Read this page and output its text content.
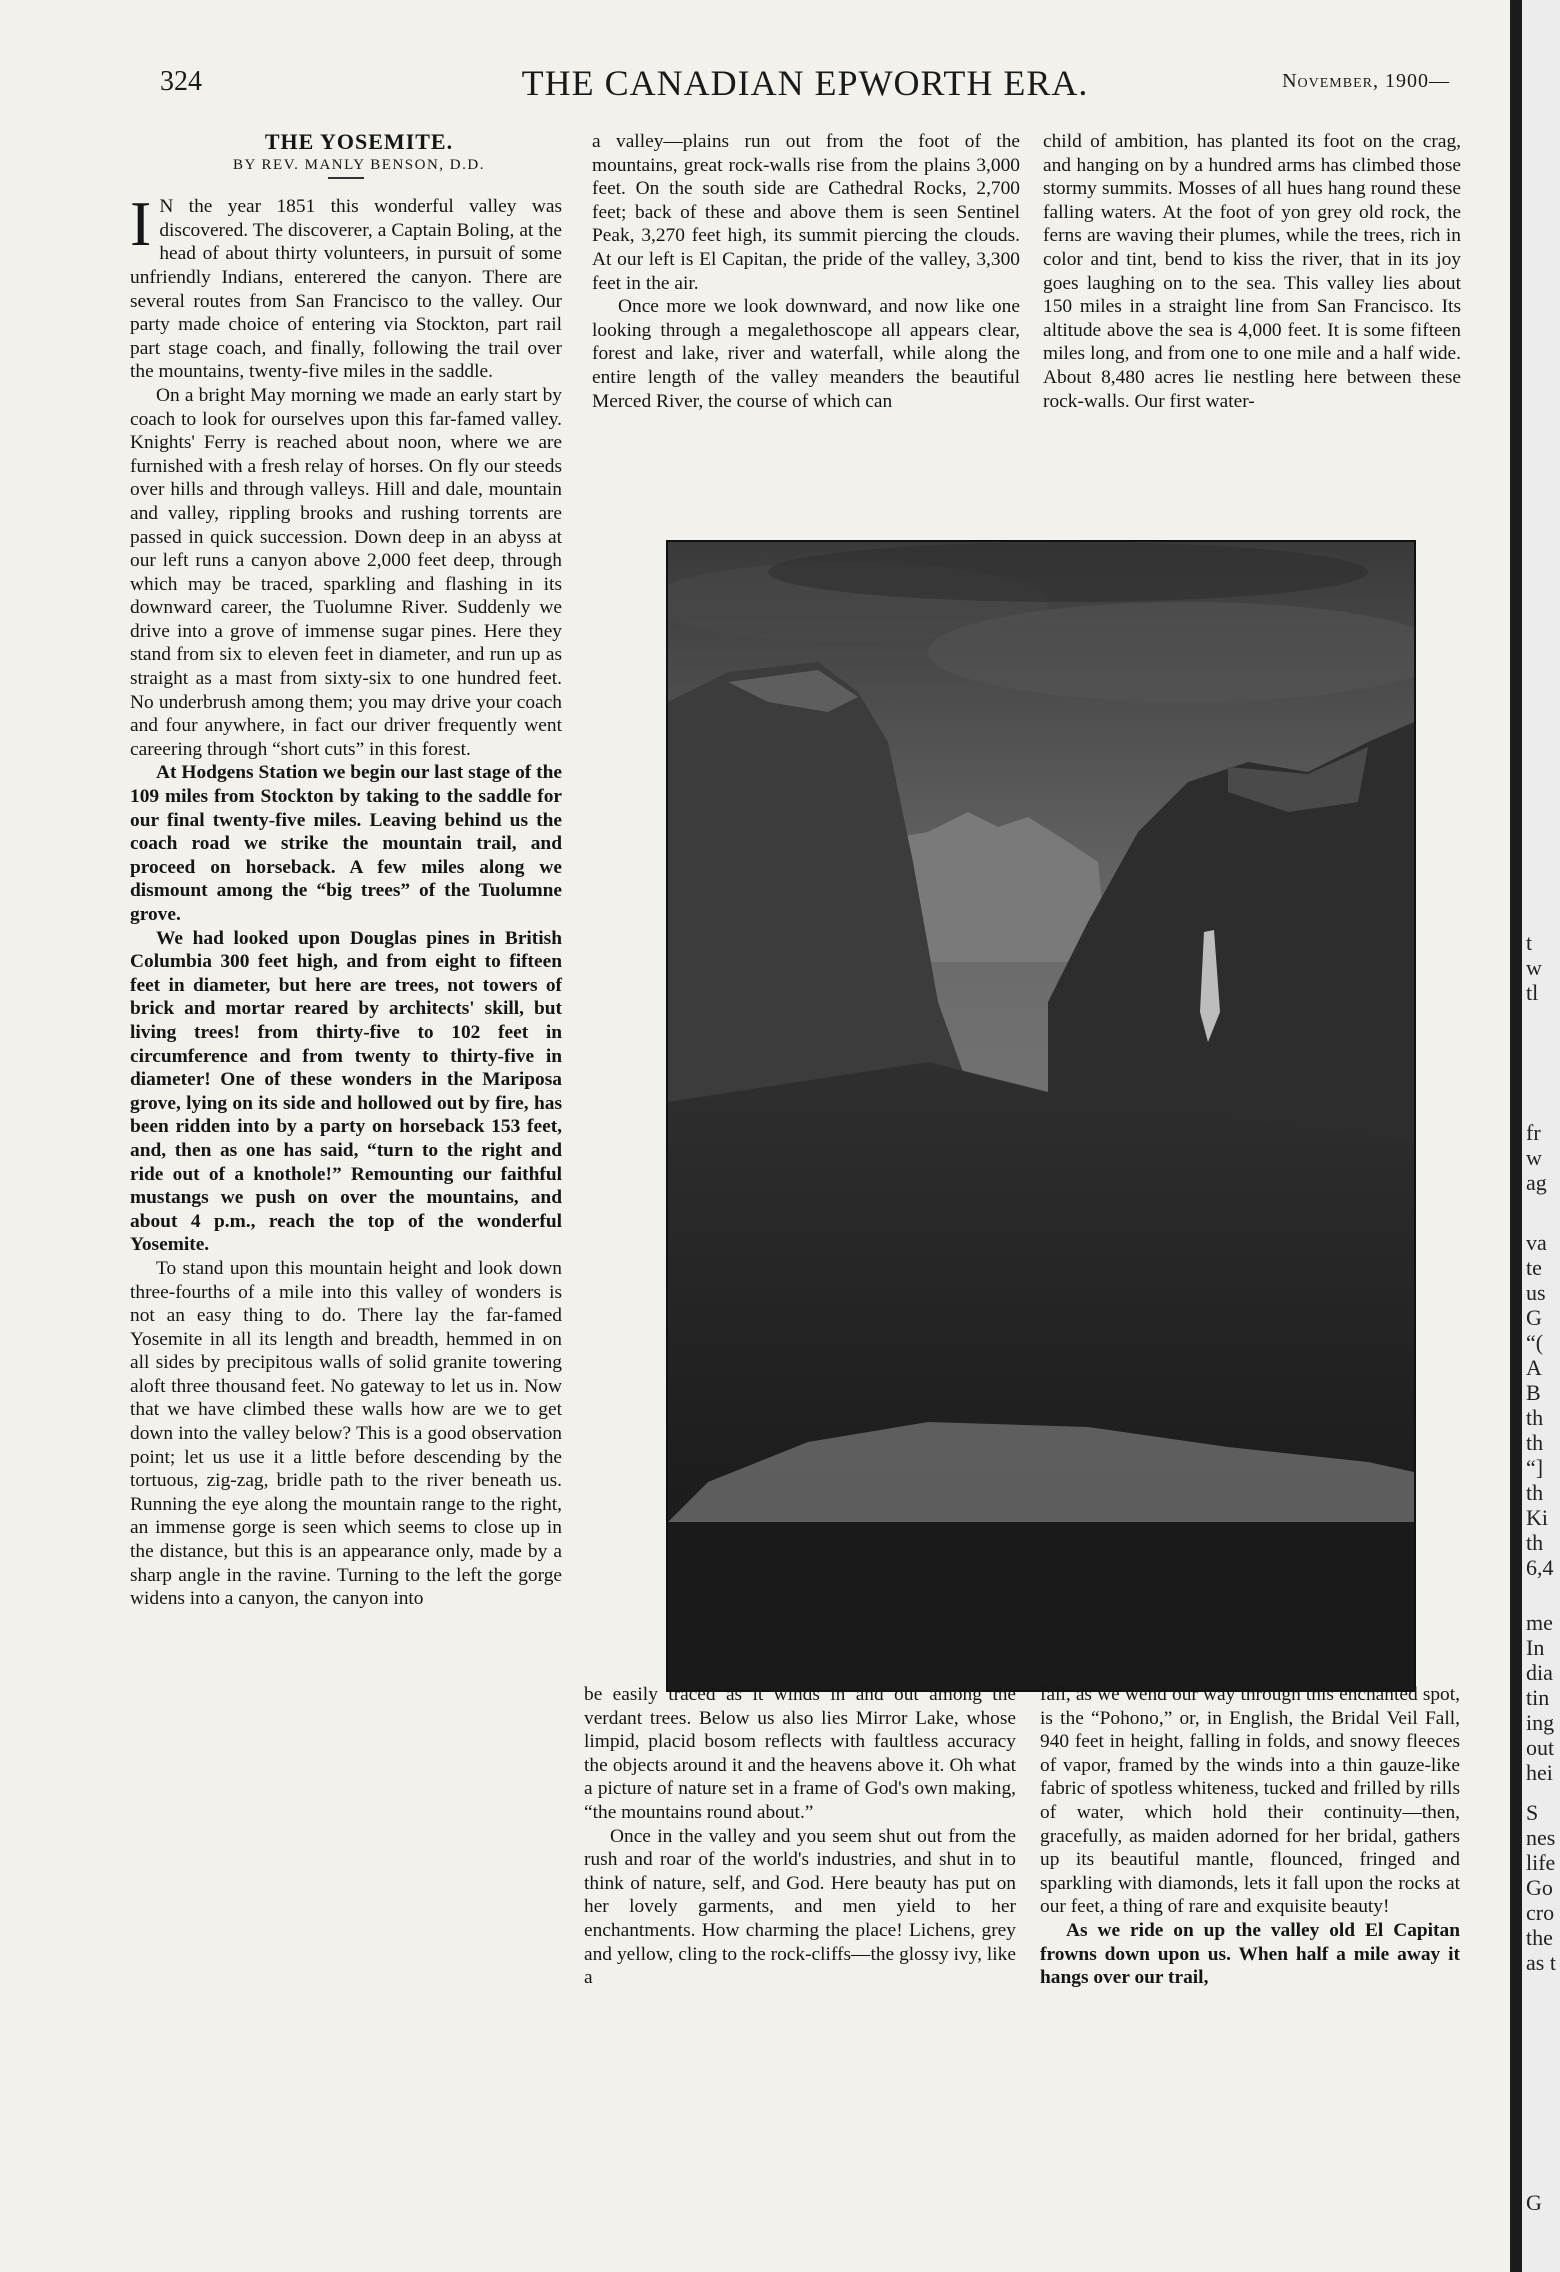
324	THE CANADIAN EPWORTH ERA.	November, 1900—

THE YOSEMITE.

BY REV. MANLY BENSON, D.D.

I N the year 1851 this wonderful valley was discovered. The discoverer, a Captain Boling, at the head of about thirty volunteers, in pursuit of some unfriendly Indians, enterered the canyon. There are several routes from San Francisco to the valley. Our party made choice of entering via Stockton, part rail part stage coach, and finally, following the trail over the mountains, twenty-five miles in the saddle.

On a bright May morning we made an early start by coach to look for ourselves upon this far-famed valley. Knights' Ferry is reached about noon, where we are furnished with a fresh relay of horses. On fly our steeds over hills and through valleys. Hill and dale, mountain and valley, rippling brooks and rushing torrents are passed in quick succession. Down deep in an abyss at our left runs a canyon above 2,000 feet deep, through which may be traced, sparkling and flashing in its downward career, the Tuolumne River. Suddenly we drive into a grove of immense sugar pines. Here they stand from six to eleven feet in diameter, and run up as straight as a mast from sixty-six to one hundred feet. No underbrush among them; you may drive your coach and four anywhere, in fact our driver frequently went careering through “short cuts” in this forest.

At Hodgens Station we begin our last stage of the 109 miles from Stockton by taking to the saddle for our final twenty-five miles. Leaving behind us the coach road we strike the mountain trail, and proceed on horseback. A few miles along we dismount among the “big trees” of the Tuolumne grove.

We had looked upon Douglas pines in British Columbia 300 feet high, and from eight to fifteen feet in diameter, but here are trees, not towers of brick and mortar reared by architects' skill, but living trees! from thirty-five to 102 feet in circumference and from twenty to thirty-five in diameter! One of these wonders in the Mariposa grove, lying on its side and hollowed out by fire, has been ridden into by a party on horseback 153 feet, and, then as one has said, “turn to the right and ride out of a knothole!” Remounting our faithful mustangs we push on over the mountains, and about 4 p.m., reach the top of the wonderful Yosemite.

To stand upon this mountain height and look down three-fourths of a mile into this valley of wonders is not an easy thing to do. There lay the far-famed Yosemite in all its length and breadth, hemmed in on all sides by precipitous walls of solid granite towering aloft three thousand feet. No gateway to let us in. Now that we have climbed these walls how are we to get down into the valley below? This is a good observation point; let us use it a little before descending by the tortuous, zig-zag, bridle path to the river beneath us. Running the eye along the mountain range to the right, an immense gorge is seen which seems to close up in the distance, but this is an appearance only, made by a sharp angle in the ravine. Turning to the left the gorge widens into a canyon, the canyon into

a valley—plains run out from the foot of the mountains, great rock-walls rise from the plains 3,000 feet. On the south side are Cathedral Rocks, 2,700 feet; back of these and above them is seen Sentinel Peak, 3,270 feet high, its summit piercing the clouds. At our left is El Capitan, the pride of the valley, 3,300 feet in the air.

Once more we look downward, and now like one looking through a megalethoscope all appears clear, forest and lake, river and waterfall, while along the entire length of the valley meanders the beautiful Merced River, the course of which can

child of ambition, has planted its foot on the crag, and hanging on by a hundred arms has climbed those stormy summits. Mosses of all hues hang round these falling waters. At the foot of yon grey old rock, the ferns are waving their plumes, while the trees, rich in color and tint, bend to kiss the river, that in its joy goes laughing on to the sea. This valley lies about 150 miles in a straight line from San Francisco. Its altitude above the sea is 4,000 feet. It is some fifteen miles long, and from one to one mile and a half wide. About 8,480 acres lie nestling here between these rock-walls. Our first water-

THE YOSEMITE VALLEY.

be easily traced as it winds in and out among the verdant trees. Below us also lies Mirror Lake, whose limpid, placid bosom reflects with faultless accuracy the objects around it and the heavens above it. Oh what a picture of nature set in a frame of God's own making, “the mountains round about.”

Once in the valley and you seem shut out from the rush and roar of the world's industries, and shut in to think of nature, self, and God. Here beauty has put on her lovely garments, and men yield to her enchantments. How charming the place! Lichens, grey and yellow, cling to the rock-cliffs—the glossy ivy, like a

fall, as we wend our way through this enchanted spot, is the “Pohono,” or, in English, the Bridal Veil Fall, 940 feet in height, falling in folds, and snowy fleeces of vapor, framed by the winds into a thin gauze-like fabric of spotless whiteness, tucked and frilled by rills of water, which hold their continuity—then, gracefully, as maiden adorned for her bridal, gathers up its beautiful mantle, flounced, fringed and sparkling with diamonds, lets it fall upon the rocks at our feet, a thing of rare and exquisite beauty!

As we ride on up the valley old El Capitan frowns down upon us. When half a mile away it hangs over our trail,

t
w
tl
fr
w
ag
va
te
us
G
“(
A
B
th
th
“]
th
Ki
th
6,4
me
In
dia
tin
ing
out
hei
S
nes
life
Go
cro
the
as t
G
